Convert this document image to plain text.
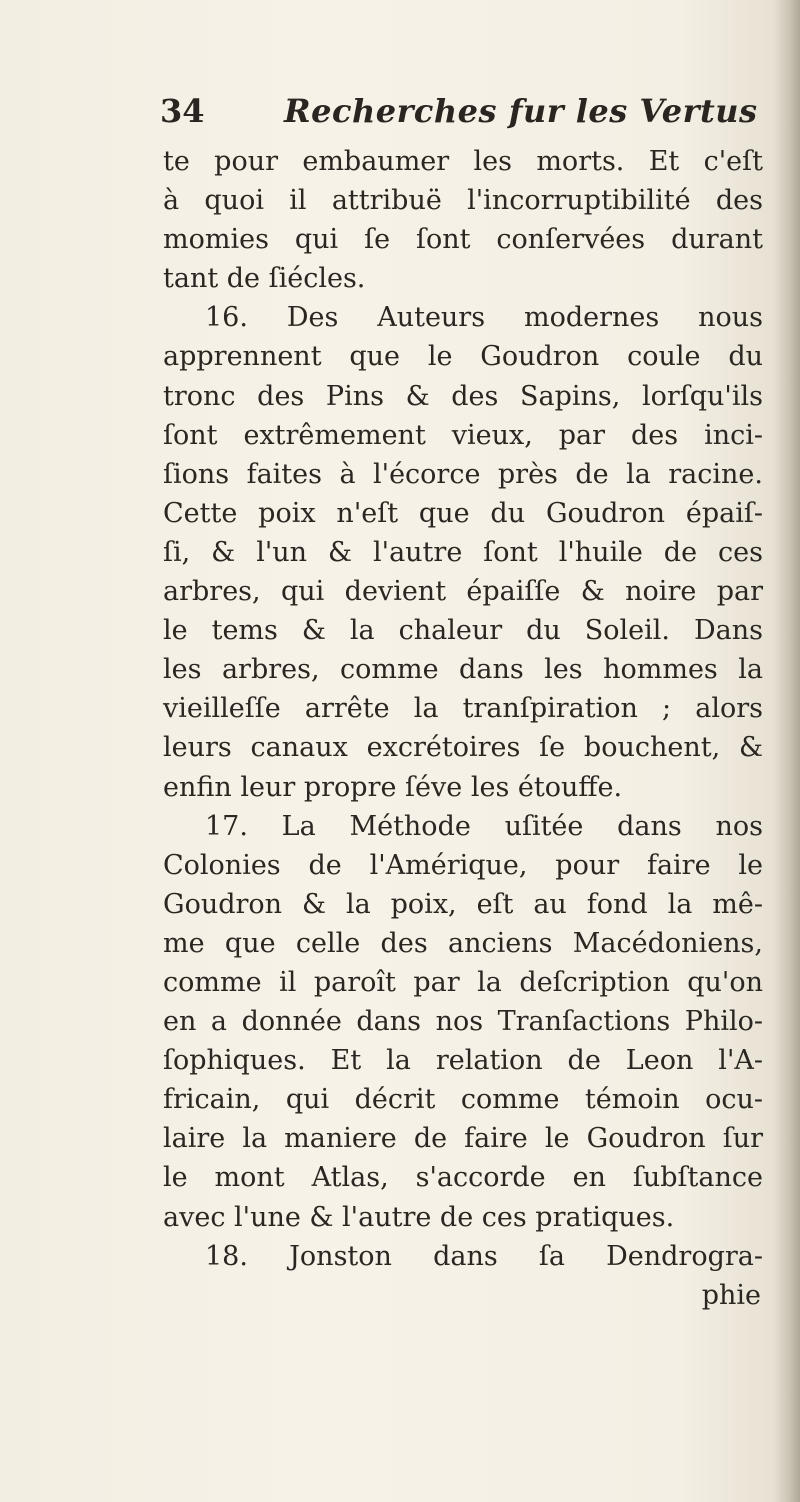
34 Recherches fur les Vertus
te pour embaumer les morts. Et c'eſt
à quoi il attribuë l'incorruptibilité des
momies qui ſe ſont conſervées durant
tant de ſiécles.
16. Des Auteurs modernes nous
apprennent que le Goudron coule du
tronc des Pins & des Sapins, lorſqu'ils
ſont extrêmement vieux, par des inci-
ſions faites à l'écorce près de la racine.
Cette poix n'eſt que du Goudron épaiſ-
ſi, & l'un & l'autre ſont l'huile de ces
arbres, qui devient épaiſſe & noire par
le tems & la chaleur du Soleil. Dans
les arbres, comme dans les hommes la
vieilleſſe arrête la tranſpiration ; alors
leurs canaux excrétoires ſe bouchent, &
enfin leur propre ſéve les étouffe.
17. La Méthode uſitée dans nos
Colonies de l'Amérique, pour faire le
Goudron & la poix, eſt au fond la mê-
me que celle des anciens Macédoniens,
comme il paroît par la deſcription qu'on
en a donnée dans nos Tranſactions Philo-
ſophiques. Et la relation de Leon l'A-
fricain, qui décrit comme témoin ocu-
laire la maniere de faire le Goudron ſur
le mont Atlas, s'accorde en ſubſtance
avec l'une & l'autre de ces pratiques.
18. Jonston dans ſa Dendrogra-
phie
